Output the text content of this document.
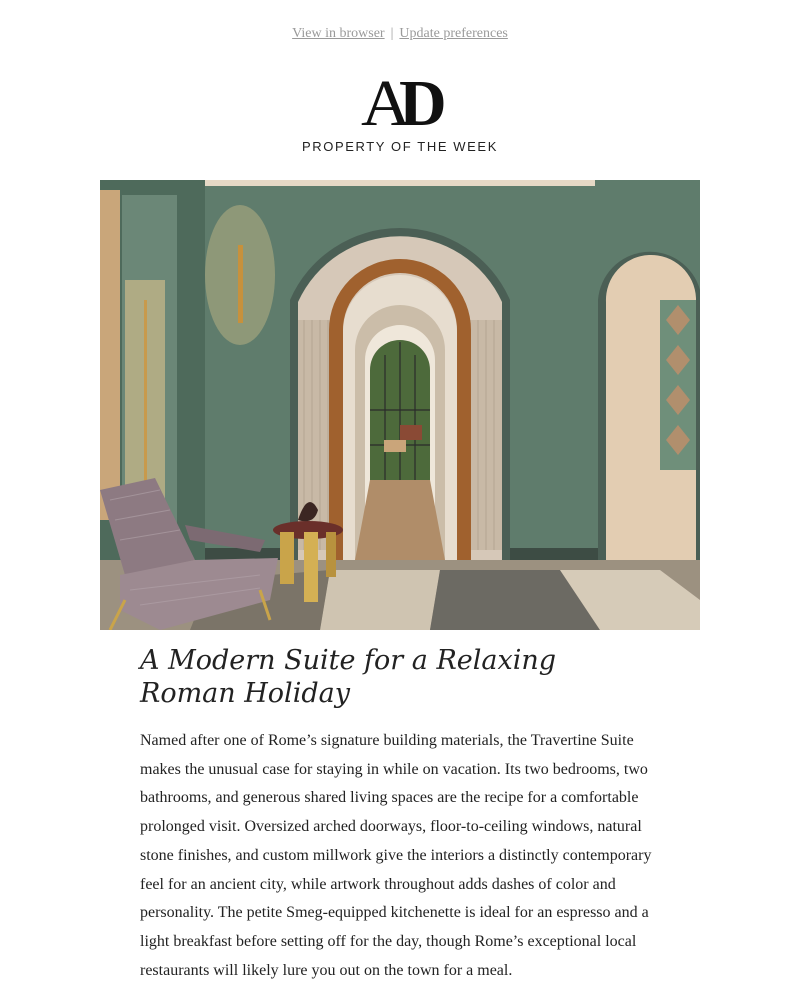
View in browser | Update preferences
AD
PROPERTY OF THE WEEK
A Modern Suite for a Relaxing Roman Holiday

Named after one of Rome’s signature building materials, the Travertine Suite makes the unusual case for staying in while on vacation. Its two bedrooms, two bathrooms, and generous shared living spaces are the recipe for a comfortable prolonged visit. Oversized arched doorways, floor-to-ceiling windows, natural stone finishes, and custom millwork give the interiors a distinctly contemporary feel for an ancient city, while artwork throughout adds dashes of color and personality. The petite Smeg-equipped kitchenette is ideal for an espresso and a light breakfast before setting off for the day, though Rome’s exceptional local restaurants will likely lure you out on the town for a meal.
